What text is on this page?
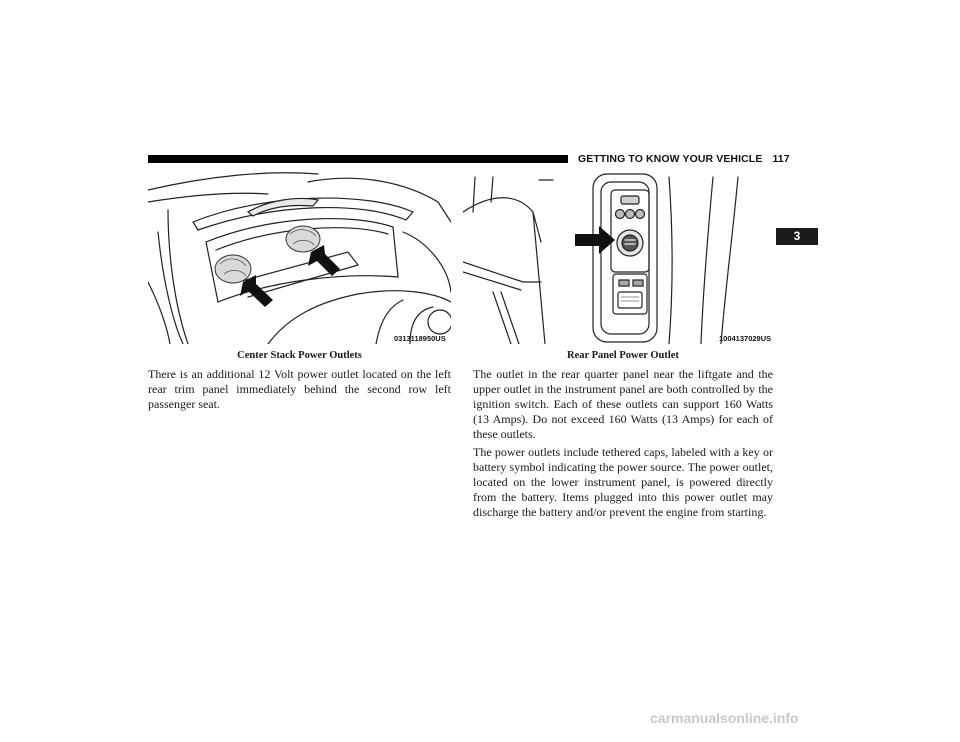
GETTING TO KNOW YOUR VEHICLE 117
3
0313118950US	1004137029US
Center Stack Power Outlets	Rear Panel Power Outlet

There is an additional 12 Volt power outlet located on the left rear trim panel immediately behind the second row left passenger seat.

The outlet in the rear quarter panel near the liftgate and the upper outlet in the instrument panel are both controlled by the ignition switch. Each of these outlets can support 160 Watts (13 Amps). Do not exceed 160 Watts (13 Amps) for each of these outlets.

The power outlets include tethered caps, labeled with a key or battery symbol indicating the power source. The power outlet, located on the lower instrument panel, is powered directly from the battery. Items plugged into this power outlet may discharge the battery and/or prevent the engine from starting.

carmanualsonline.info
